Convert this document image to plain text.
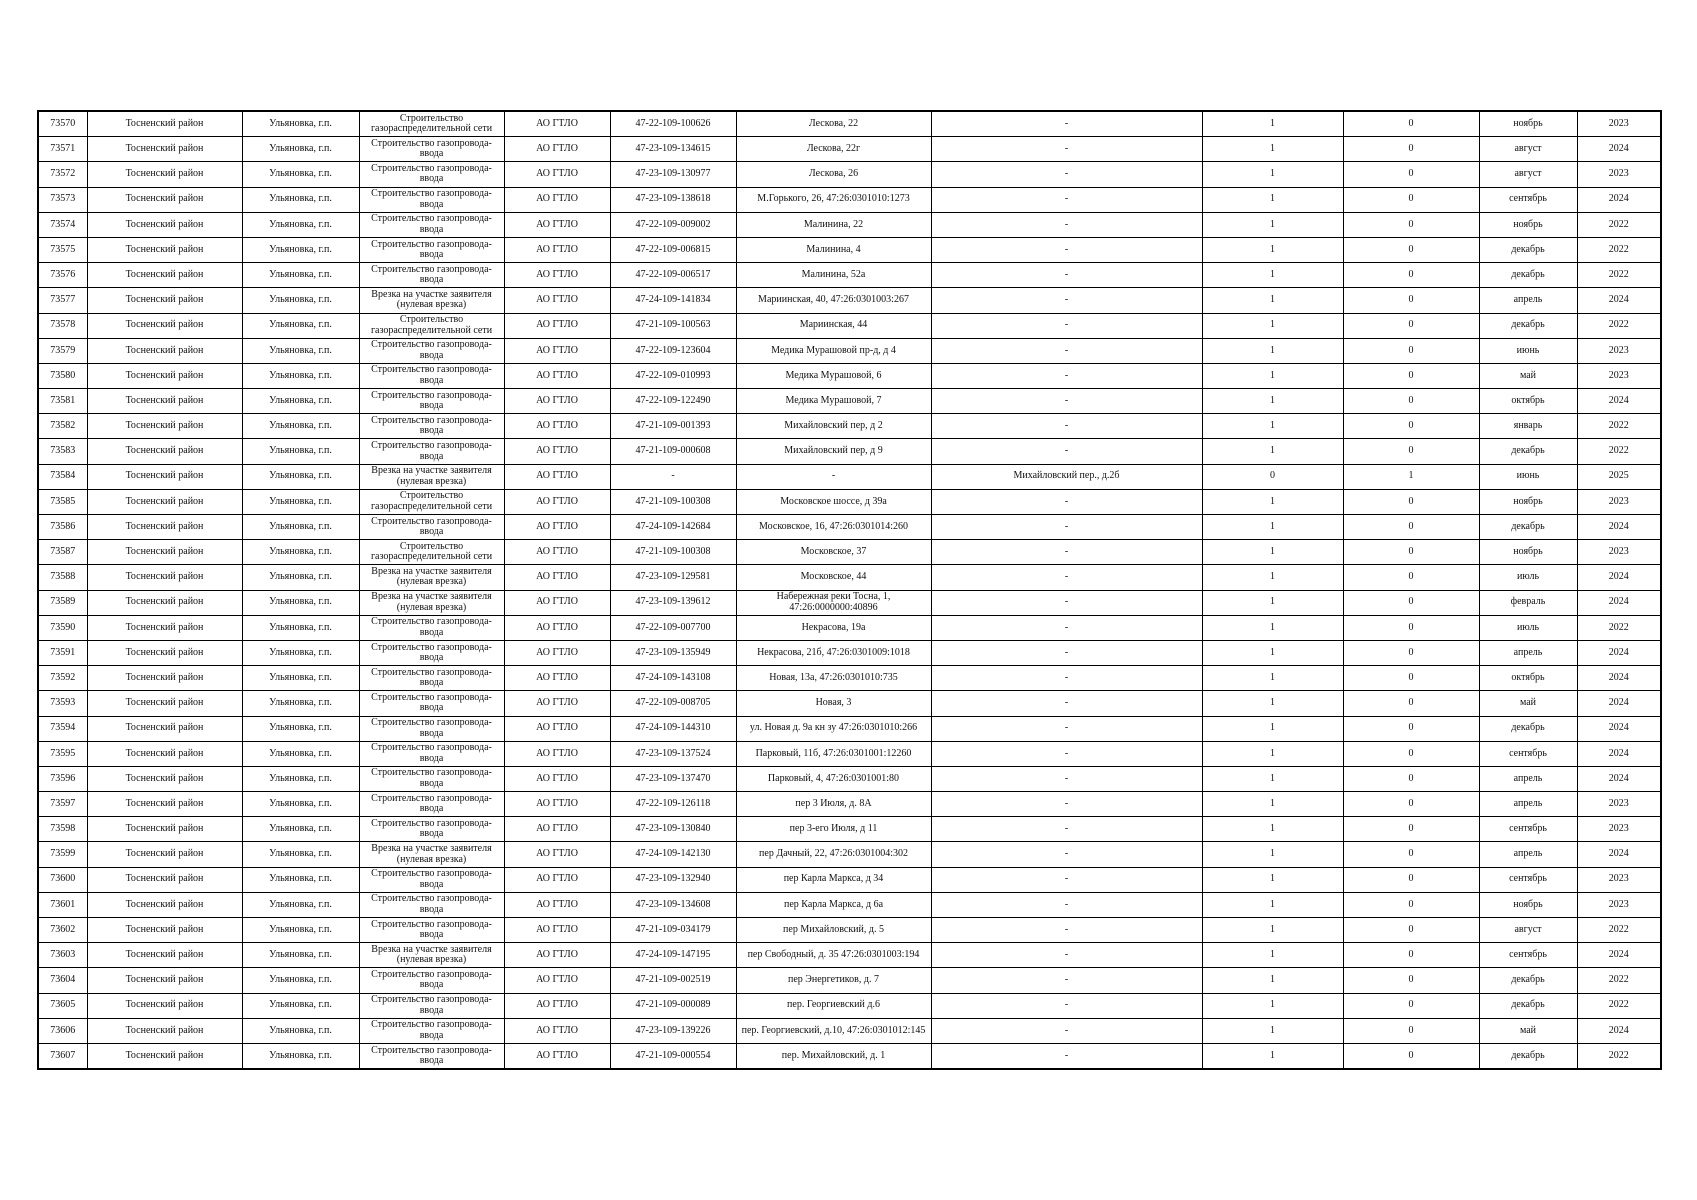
73570	Тосненский район	Ульяновка, г.п.	Строительство газораспределительной сети	АО ГТЛО	47-22-109-100626	Лескова, 22	-	1	0	ноябрь	2023
73571	Тосненский район	Ульяновка, г.п.	Строительство газопровода-ввода	АО ГТЛО	47-23-109-134615	Лескова, 22г	-	1	0	август	2024
73572	Тосненский район	Ульяновка, г.п.	Строительство газопровода-ввода	АО ГТЛО	47-23-109-130977	Лескова, 26	-	1	0	август	2023
73573	Тосненский район	Ульяновка, г.п.	Строительство газопровода-ввода	АО ГТЛО	47-23-109-138618	М.Горького, 26, 47:26:0301010:1273	-	1	0	сентябрь	2024
73574	Тосненский район	Ульяновка, г.п.	Строительство газопровода-ввода	АО ГТЛО	47-22-109-009002	Малинина, 22	-	1	0	ноябрь	2022
73575	Тосненский район	Ульяновка, г.п.	Строительство газопровода-ввода	АО ГТЛО	47-22-109-006815	Малинина, 4	-	1	0	декабрь	2022
73576	Тосненский район	Ульяновка, г.п.	Строительство газопровода-ввода	АО ГТЛО	47-22-109-006517	Малинина, 52а	-	1	0	декабрь	2022
73577	Тосненский район	Ульяновка, г.п.	Врезка на участке заявителя (нулевая врезка)	АО ГТЛО	47-24-109-141834	Мариинская, 40, 47:26:0301003:267	-	1	0	апрель	2024
73578	Тосненский район	Ульяновка, г.п.	Строительство газораспределительной сети	АО ГТЛО	47-21-109-100563	Мариинская, 44	-	1	0	декабрь	2022
73579	Тосненский район	Ульяновка, г.п.	Строительство газопровода-ввода	АО ГТЛО	47-22-109-123604	Медика Мурашовой пр-д, д 4	-	1	0	июнь	2023
73580	Тосненский район	Ульяновка, г.п.	Строительство газопровода-ввода	АО ГТЛО	47-22-109-010993	Медика Мурашовой, 6	-	1	0	май	2023
73581	Тосненский район	Ульяновка, г.п.	Строительство газопровода-ввода	АО ГТЛО	47-22-109-122490	Медика Мурашовой, 7	-	1	0	октябрь	2024
73582	Тосненский район	Ульяновка, г.п.	Строительство газопровода-ввода	АО ГТЛО	47-21-109-001393	Михайловский пер, д 2	-	1	0	январь	2022
73583	Тосненский район	Ульяновка, г.п.	Строительство газопровода-ввода	АО ГТЛО	47-21-109-000608	Михайловский пер, д 9	-	1	0	декабрь	2022
73584	Тосненский район	Ульяновка, г.п.	Врезка на участке заявителя (нулевая врезка)	АО ГТЛО	-	-	Михайловский пер., д.2б	0	1	июнь	2025
73585	Тосненский район	Ульяновка, г.п.	Строительство газораспределительной сети	АО ГТЛО	47-21-109-100308	Московское шоссе, д 39а	-	1	0	ноябрь	2023
73586	Тосненский район	Ульяновка, г.п.	Строительство газопровода-ввода	АО ГТЛО	47-24-109-142684	Московское, 16, 47:26:0301014:260	-	1	0	декабрь	2024
73587	Тосненский район	Ульяновка, г.п.	Строительство газораспределительной сети	АО ГТЛО	47-21-109-100308	Московское, 37	-	1	0	ноябрь	2023
73588	Тосненский район	Ульяновка, г.п.	Врезка на участке заявителя (нулевая врезка)	АО ГТЛО	47-23-109-129581	Московское, 44	-	1	0	июль	2024
73589	Тосненский район	Ульяновка, г.п.	Врезка на участке заявителя (нулевая врезка)	АО ГТЛО	47-23-109-139612	Набережная реки Тосна, 1, 47:26:0000000:40896	-	1	0	февраль	2024
73590	Тосненский район	Ульяновка, г.п.	Строительство газопровода-ввода	АО ГТЛО	47-22-109-007700	Некрасова, 19а	-	1	0	июль	2022
73591	Тосненский район	Ульяновка, г.п.	Строительство газопровода-ввода	АО ГТЛО	47-23-109-135949	Некрасова, 21б, 47:26:0301009:1018	-	1	0	апрель	2024
73592	Тосненский район	Ульяновка, г.п.	Строительство газопровода-ввода	АО ГТЛО	47-24-109-143108	Новая, 13а, 47:26:0301010:735	-	1	0	октябрь	2024
73593	Тосненский район	Ульяновка, г.п.	Строительство газопровода-ввода	АО ГТЛО	47-22-109-008705	Новая, 3	-	1	0	май	2024
73594	Тосненский район	Ульяновка, г.п.	Строительство газопровода-ввода	АО ГТЛО	47-24-109-144310	ул. Новая д. 9а кн зу 47:26:0301010:266	-	1	0	декабрь	2024
73595	Тосненский район	Ульяновка, г.п.	Строительство газопровода-ввода	АО ГТЛО	47-23-109-137524	Парковый, 11б, 47:26:0301001:12260	-	1	0	сентябрь	2024
73596	Тосненский район	Ульяновка, г.п.	Строительство газопровода-ввода	АО ГТЛО	47-23-109-137470	Парковый, 4, 47:26:0301001:80	-	1	0	апрель	2024
73597	Тосненский район	Ульяновка, г.п.	Строительство газопровода-ввода	АО ГТЛО	47-22-109-126118	пер 3 Июля, д. 8А	-	1	0	апрель	2023
73598	Тосненский район	Ульяновка, г.п.	Строительство газопровода-ввода	АО ГТЛО	47-23-109-130840	пер 3-его Июля, д 11	-	1	0	сентябрь	2023
73599	Тосненский район	Ульяновка, г.п.	Врезка на участке заявителя (нулевая врезка)	АО ГТЛО	47-24-109-142130	пер Дачный, 22, 47:26:0301004:302	-	1	0	апрель	2024
73600	Тосненский район	Ульяновка, г.п.	Строительство газопровода-ввода	АО ГТЛО	47-23-109-132940	пер Карла Маркса, д 34	-	1	0	сентябрь	2023
73601	Тосненский район	Ульяновка, г.п.	Строительство газопровода-ввода	АО ГТЛО	47-23-109-134608	пер Карла Маркса, д 6а	-	1	0	ноябрь	2023
73602	Тосненский район	Ульяновка, г.п.	Строительство газопровода-ввода	АО ГТЛО	47-21-109-034179	пер Михайловский, д. 5	-	1	0	август	2022
73603	Тосненский район	Ульяновка, г.п.	Врезка на участке заявителя (нулевая врезка)	АО ГТЛО	47-24-109-147195	пер Свободный, д. 35 47:26:0301003:194	-	1	0	сентябрь	2024
73604	Тосненский район	Ульяновка, г.п.	Строительство газопровода-ввода	АО ГТЛО	47-21-109-002519	пер Энергетиков, д. 7	-	1	0	декабрь	2022
73605	Тосненский район	Ульяновка, г.п.	Строительство газопровода-ввода	АО ГТЛО	47-21-109-000089	пер. Георгиевский д.6	-	1	0	декабрь	2022
73606	Тосненский район	Ульяновка, г.п.	Строительство газопровода-ввода	АО ГТЛО	47-23-109-139226	пер. Георгиевский, д.10, 47:26:0301012:145	-	1	0	май	2024
73607	Тосненский район	Ульяновка, г.п.	Строительство газопровода-ввода	АО ГТЛО	47-21-109-000554	пер. Михайловский, д. 1	-	1	0	декабрь	2022
